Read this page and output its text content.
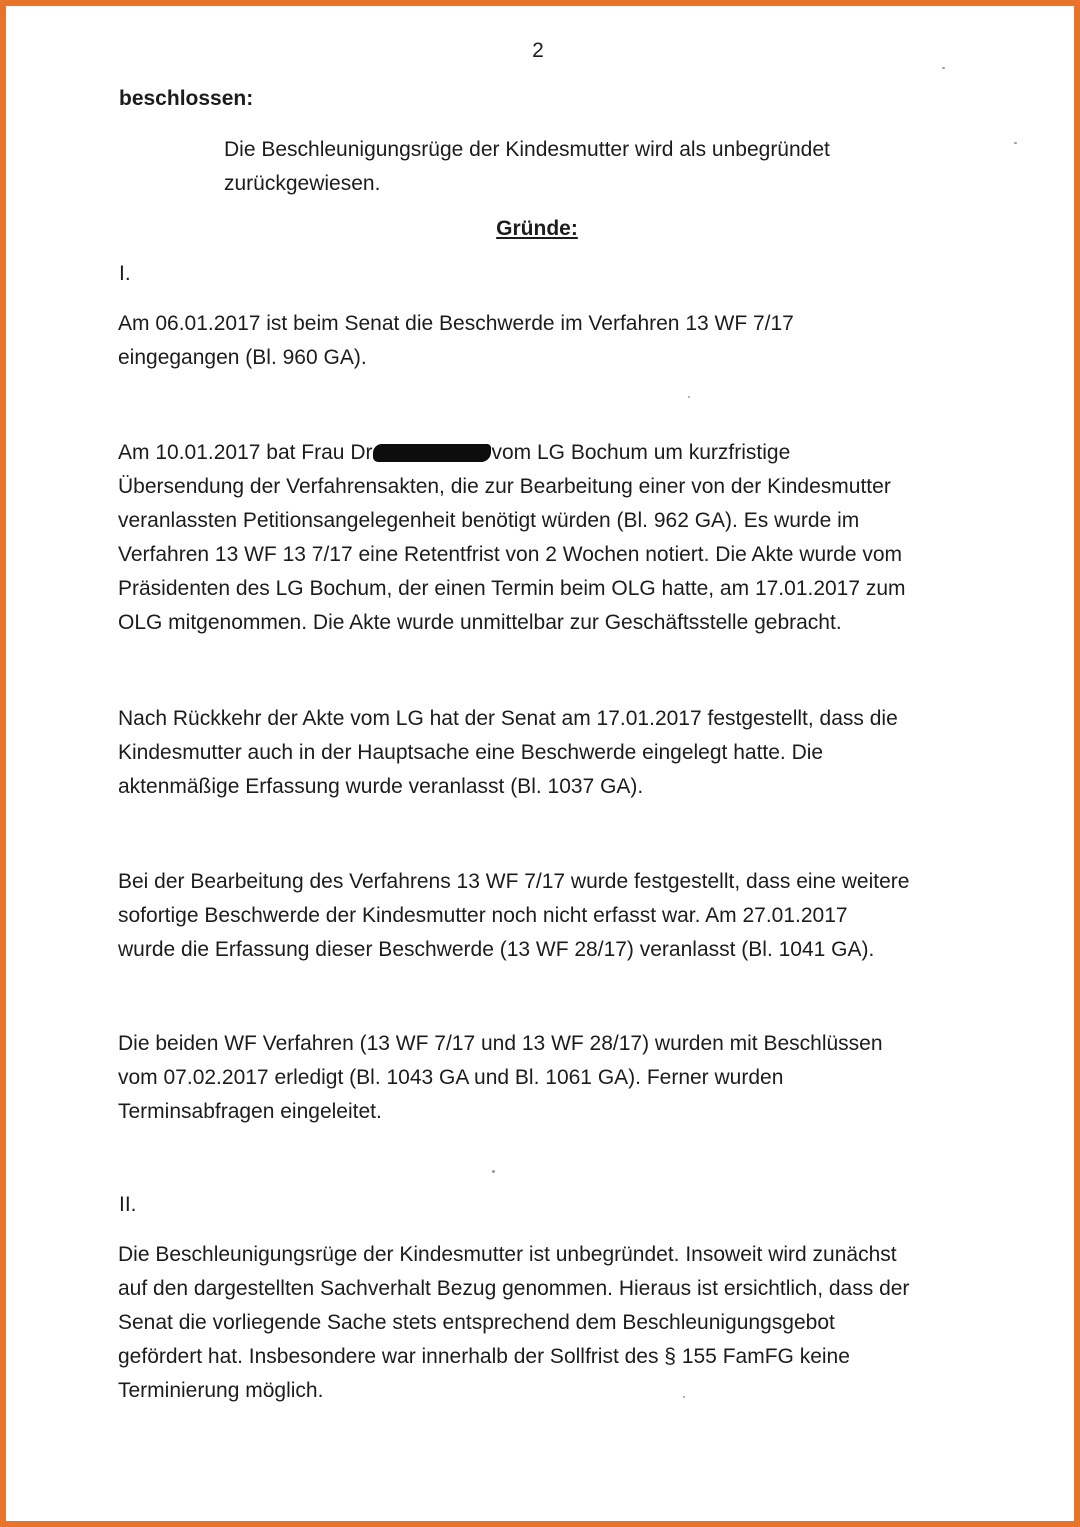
2
beschlossen:
Die Beschleunigungsrüge der Kindesmutter wird als unbegründet
zurückgewiesen.
Gründe:
I.
Am 06.01.2017 ist beim Senat die Beschwerde im Verfahren 13 WF 7/17
eingegangen (Bl. 960 GA).
Am 10.01.2017 bat Frau Dr	vom LG Bochum um kurzfristige
Übersendung der Verfahrensakten, die zur Bearbeitung einer von der Kindesmutter
veranlassten Petitionsangelegenheit benötigt würden (Bl. 962 GA). Es wurde im
Verfahren 13 WF 13 7/17 eine Retentfrist von 2 Wochen notiert. Die Akte wurde vom
Präsidenten des LG Bochum, der einen Termin beim OLG hatte, am 17.01.2017 zum
OLG mitgenommen. Die Akte wurde unmittelbar zur Geschäftsstelle gebracht.
Nach Rückkehr der Akte vom LG hat der Senat am 17.01.2017 festgestellt, dass die
Kindesmutter auch in der Hauptsache eine Beschwerde eingelegt hatte. Die
aktenmäßige Erfassung wurde veranlasst (Bl. 1037 GA).
Bei der Bearbeitung des Verfahrens 13 WF 7/17 wurde festgestellt, dass eine weitere
sofortige Beschwerde der Kindesmutter noch nicht erfasst war. Am 27.01.2017
wurde die Erfassung dieser Beschwerde (13 WF 28/17) veranlasst (Bl. 1041 GA).
Die beiden WF Verfahren (13 WF 7/17 und 13 WF 28/17) wurden mit Beschlüssen
vom 07.02.2017 erledigt (Bl. 1043 GA und Bl. 1061 GA). Ferner wurden
Terminsabfragen eingeleitet.
II.
Die Beschleunigungsrüge der Kindesmutter ist unbegründet. Insoweit wird zunächst
auf den dargestellten Sachverhalt Bezug genommen. Hieraus ist ersichtlich, dass der
Senat die vorliegende Sache stets entsprechend dem Beschleunigungsgebot
gefördert hat. Insbesondere war innerhalb der Sollfrist des § 155 FamFG keine
Terminierung möglich.
